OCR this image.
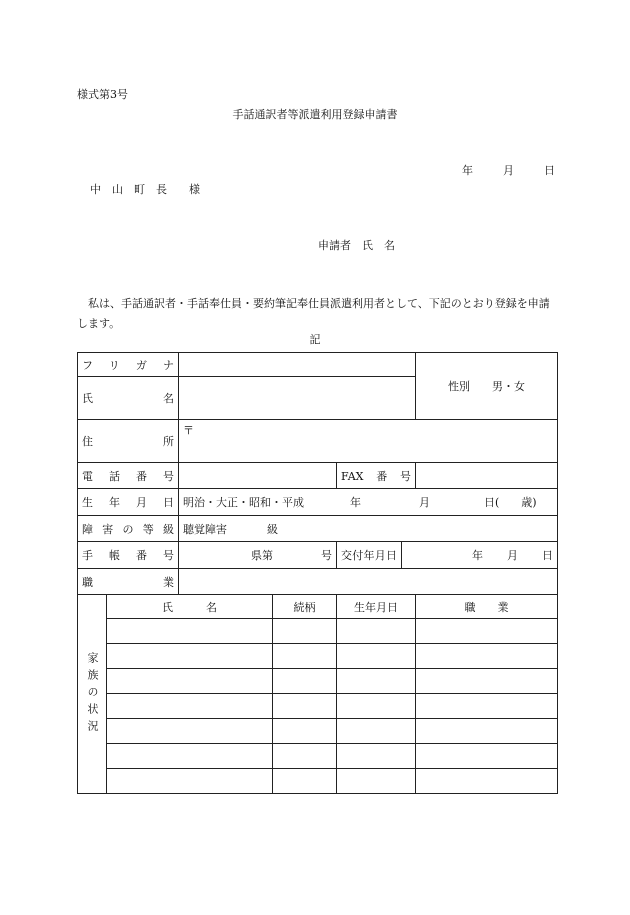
様式第3号
手話通訳者等派遣利用登録申請書
年	月	日
中　山　町　長　　様
申請者　氏　名
私は、手話通訳者・手話奉仕員・要約筆記奉仕員派遣利用者として、下記のとおり登録を申請します。
記
フリガナ						性別　　男・女

氏名						

住所		〒				

電話番号				FAX番号		

生年月日		明治・大正・昭和・平成 年 月 日(　　歳)				

障害の等級		聴覚障害 級				

手帳番号		県第 号		交付年月日	年 月 日	

職業						

家族の状況	氏　　　名		続柄	生年月日		職　　業
